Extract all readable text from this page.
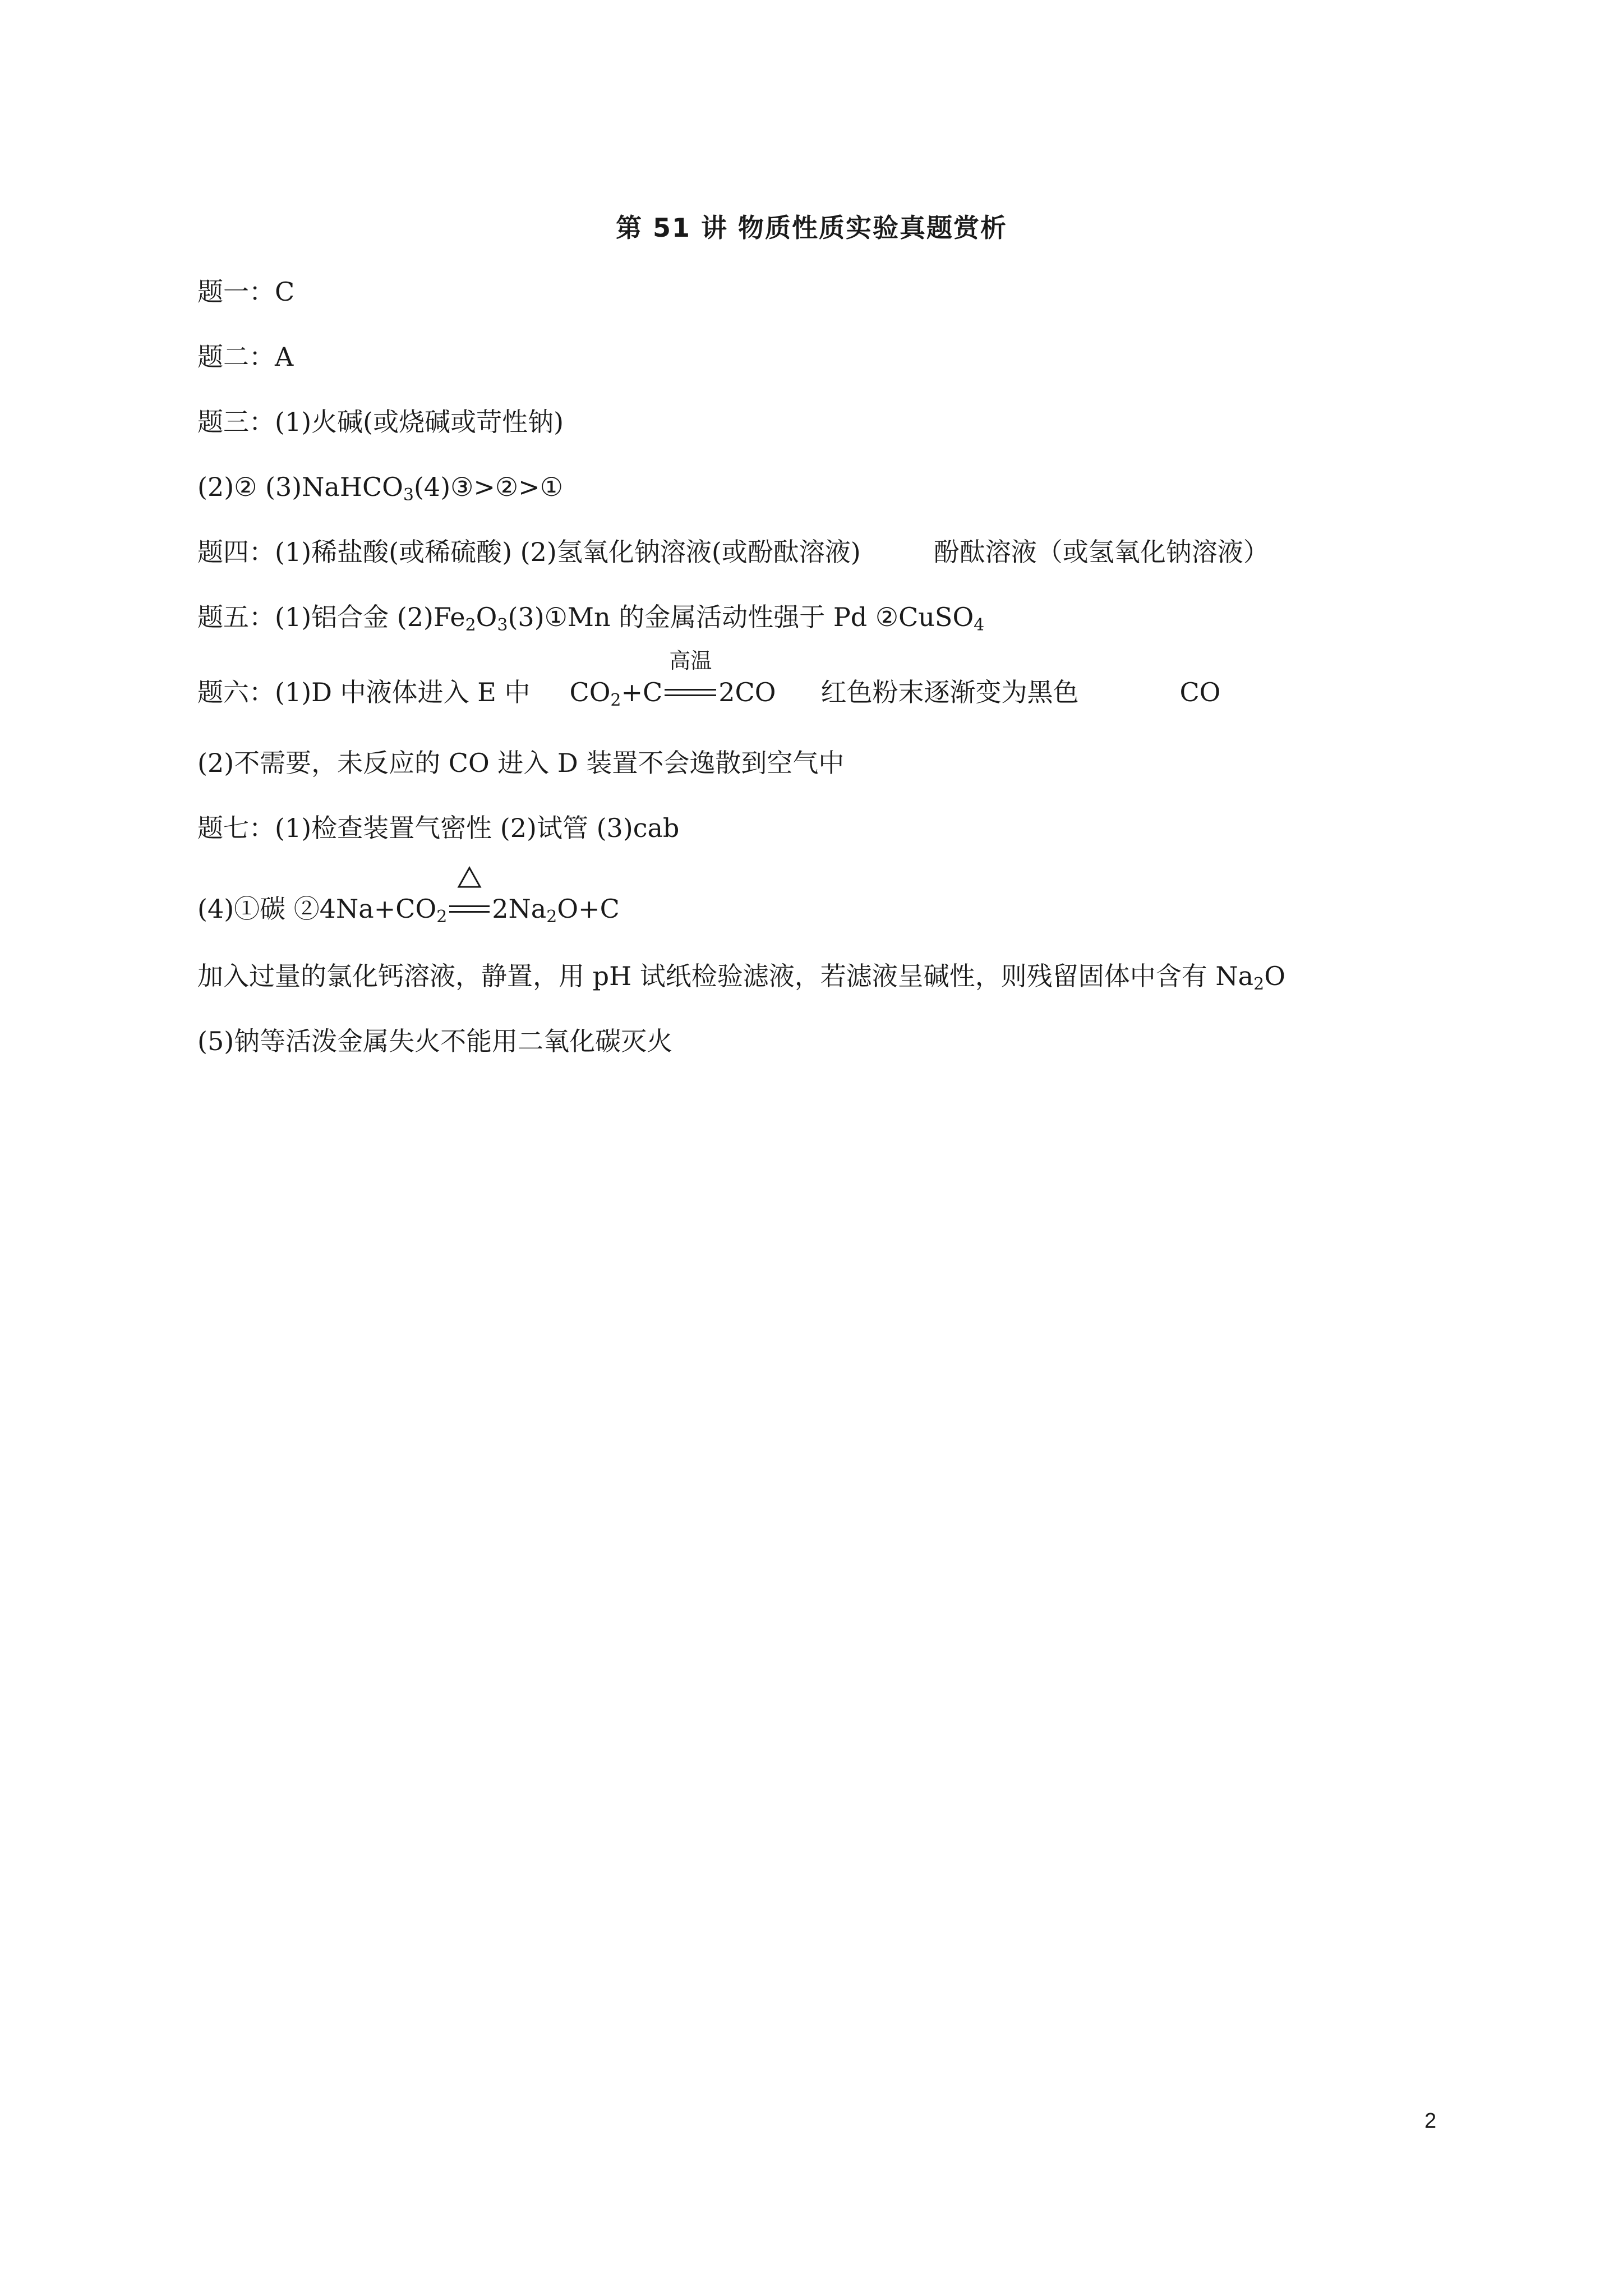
第 51 讲 物质性质实验真题赏析
题一：C
题二：A
题三：(1)火碱(或烧碱或苛性钠)
(2)② (3)NaHCO$_3$(4)③>②>①
题四：(1)稀盐酸(或稀硫酸) (2)氢氧化钠溶液(或酚酞溶液)	酚酞溶液（或氢氧化钠溶液）
题五：(1)铝合金 $(2)Fe_2O_3(3)①Mn$ 的金属活动性强于 Pd ②CuSO$_4$
题六：(1)D 中液体进入 E 中 $CO_2+C$
高温
2CO 红色粉末逐渐变为黑色	CO
(2)不需要，未反应的 CO 进入 D 装置不会逸散到空气中
题七：(1)检查装置气密性 (2)试管 (3)cab
(4)①碳 $②4Na+CO_2$ $2Na_2O+C$
加入过量的氯化钙溶液，静置，用 pH 试纸检验滤液，若滤液呈碱性，则残留固体中含有 $Na_2O$
(5)钠等活泼金属失火不能用二氧化碳灭火
2
